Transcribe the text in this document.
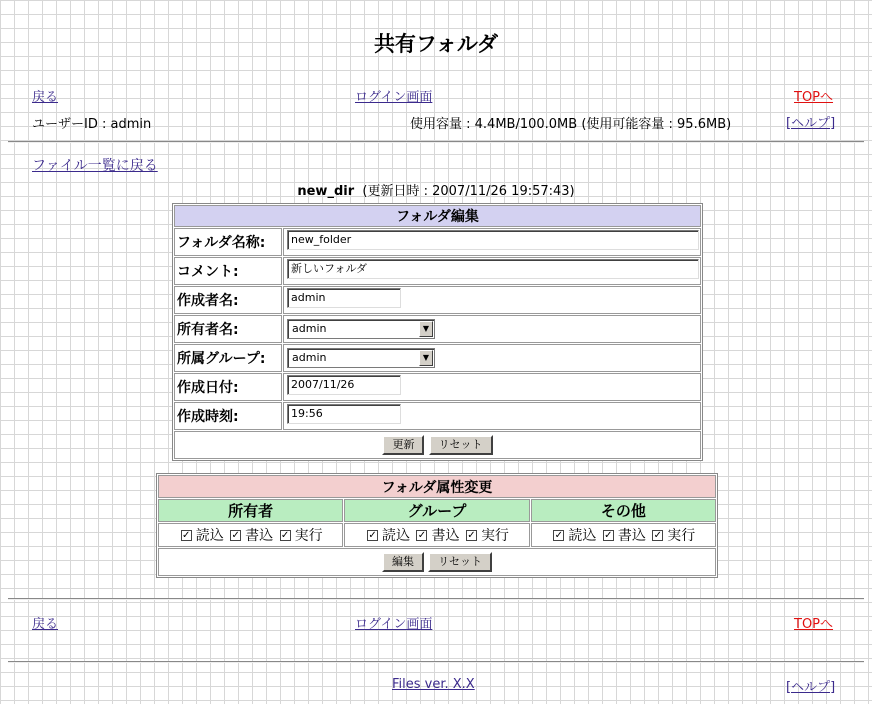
共有フォルダ
戻る	ログイン画面	TOPへ
ユーザーID : admin	使用容量 : 4.4MB/100.0MB (使用可能容量 : 95.6MB)	[ヘルプ]
ファイル一覧に戻る
new_dir (更新日時 : 2007/11/26 19:57:43)
フォルダ編集	
フォルダ名称:	new_folder
コメント:	新しいフォルダ
作成者名:	admin
所有者名:	admin ▼

所属グループ:	admin ▼

作成日付:	2007/11/26
作成時刻:	19:56
更新 リセット	
フォルダ属性変更		
所有者	グループ	その他
✓ 読込 ✓ 書込 ✓ 実行	✓ 読込 ✓ 書込 ✓ 実行	✓ 読込 ✓ 書込 ✓ 実行
編集 リセット		
戻る	ログイン画面	TOPへ
Files ver. X.X	[ヘルプ]
